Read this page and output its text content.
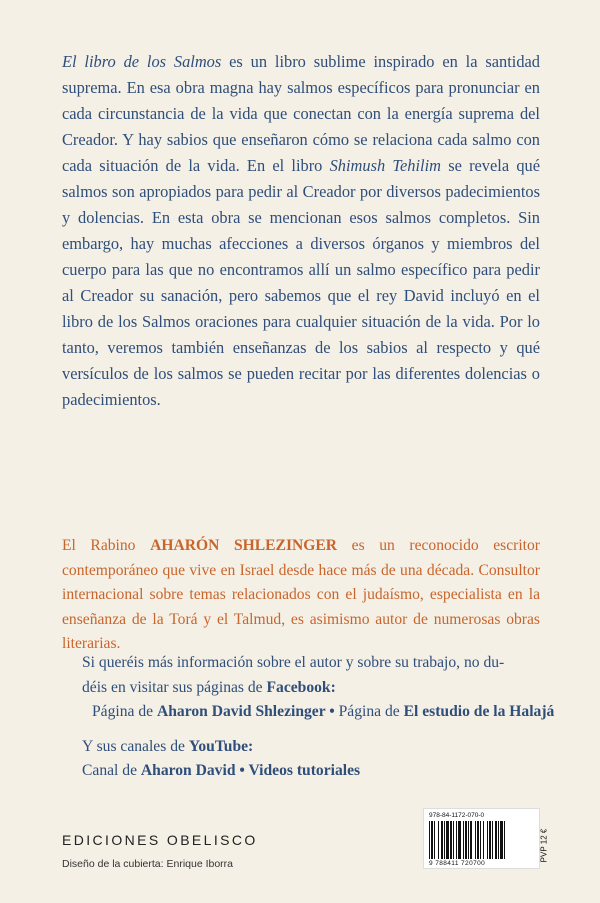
El libro de los Salmos es un libro sublime inspirado en la santidad suprema. En esa obra magna hay salmos específicos para pronunciar en cada circunstancia de la vida que conectan con la energía suprema del Creador. Y hay sabios que enseñaron cómo se relaciona cada salmo con cada situación de la vida. En el libro Shimush Tehilim se revela qué salmos son apropiados para pedir al Creador por diversos padecimientos y dolencias. En esta obra se mencionan esos salmos completos. Sin embargo, hay muchas afecciones a diversos órganos y miembros del cuerpo para las que no encontramos allí un salmo específico para pedir al Creador su sanación, pero sabemos que el rey David incluyó en el libro de los Salmos oraciones para cualquier situación de la vida. Por lo tanto, veremos también enseñanzas de los sabios al respecto y qué versículos de los salmos se pueden recitar por las diferentes dolencias o padecimientos.

El Rabino AHARÓN SHLEZINGER es un reconocido escritor contemporáneo que vive en Israel desde hace más de una década. Consultor internacional sobre temas relacionados con el judaísmo, especialista en la enseñanza de la Torá y el Talmud, es asimismo autor de numerosas obras literarias.

Si queréis más información sobre el autor y sobre su trabajo, no du-
déis en visitar sus páginas de Facebook:
Página de Aharon David Shlezinger • Página de El estudio de la Halajá
Y sus canales de YouTube:
Canal de Aharon David • Videos tutoriales
EDICIONES OBELISCO
Diseño de la cubierta: Enrique Iborra
978-84-1172-070-0
9 788411 720700
PVP 12 €
